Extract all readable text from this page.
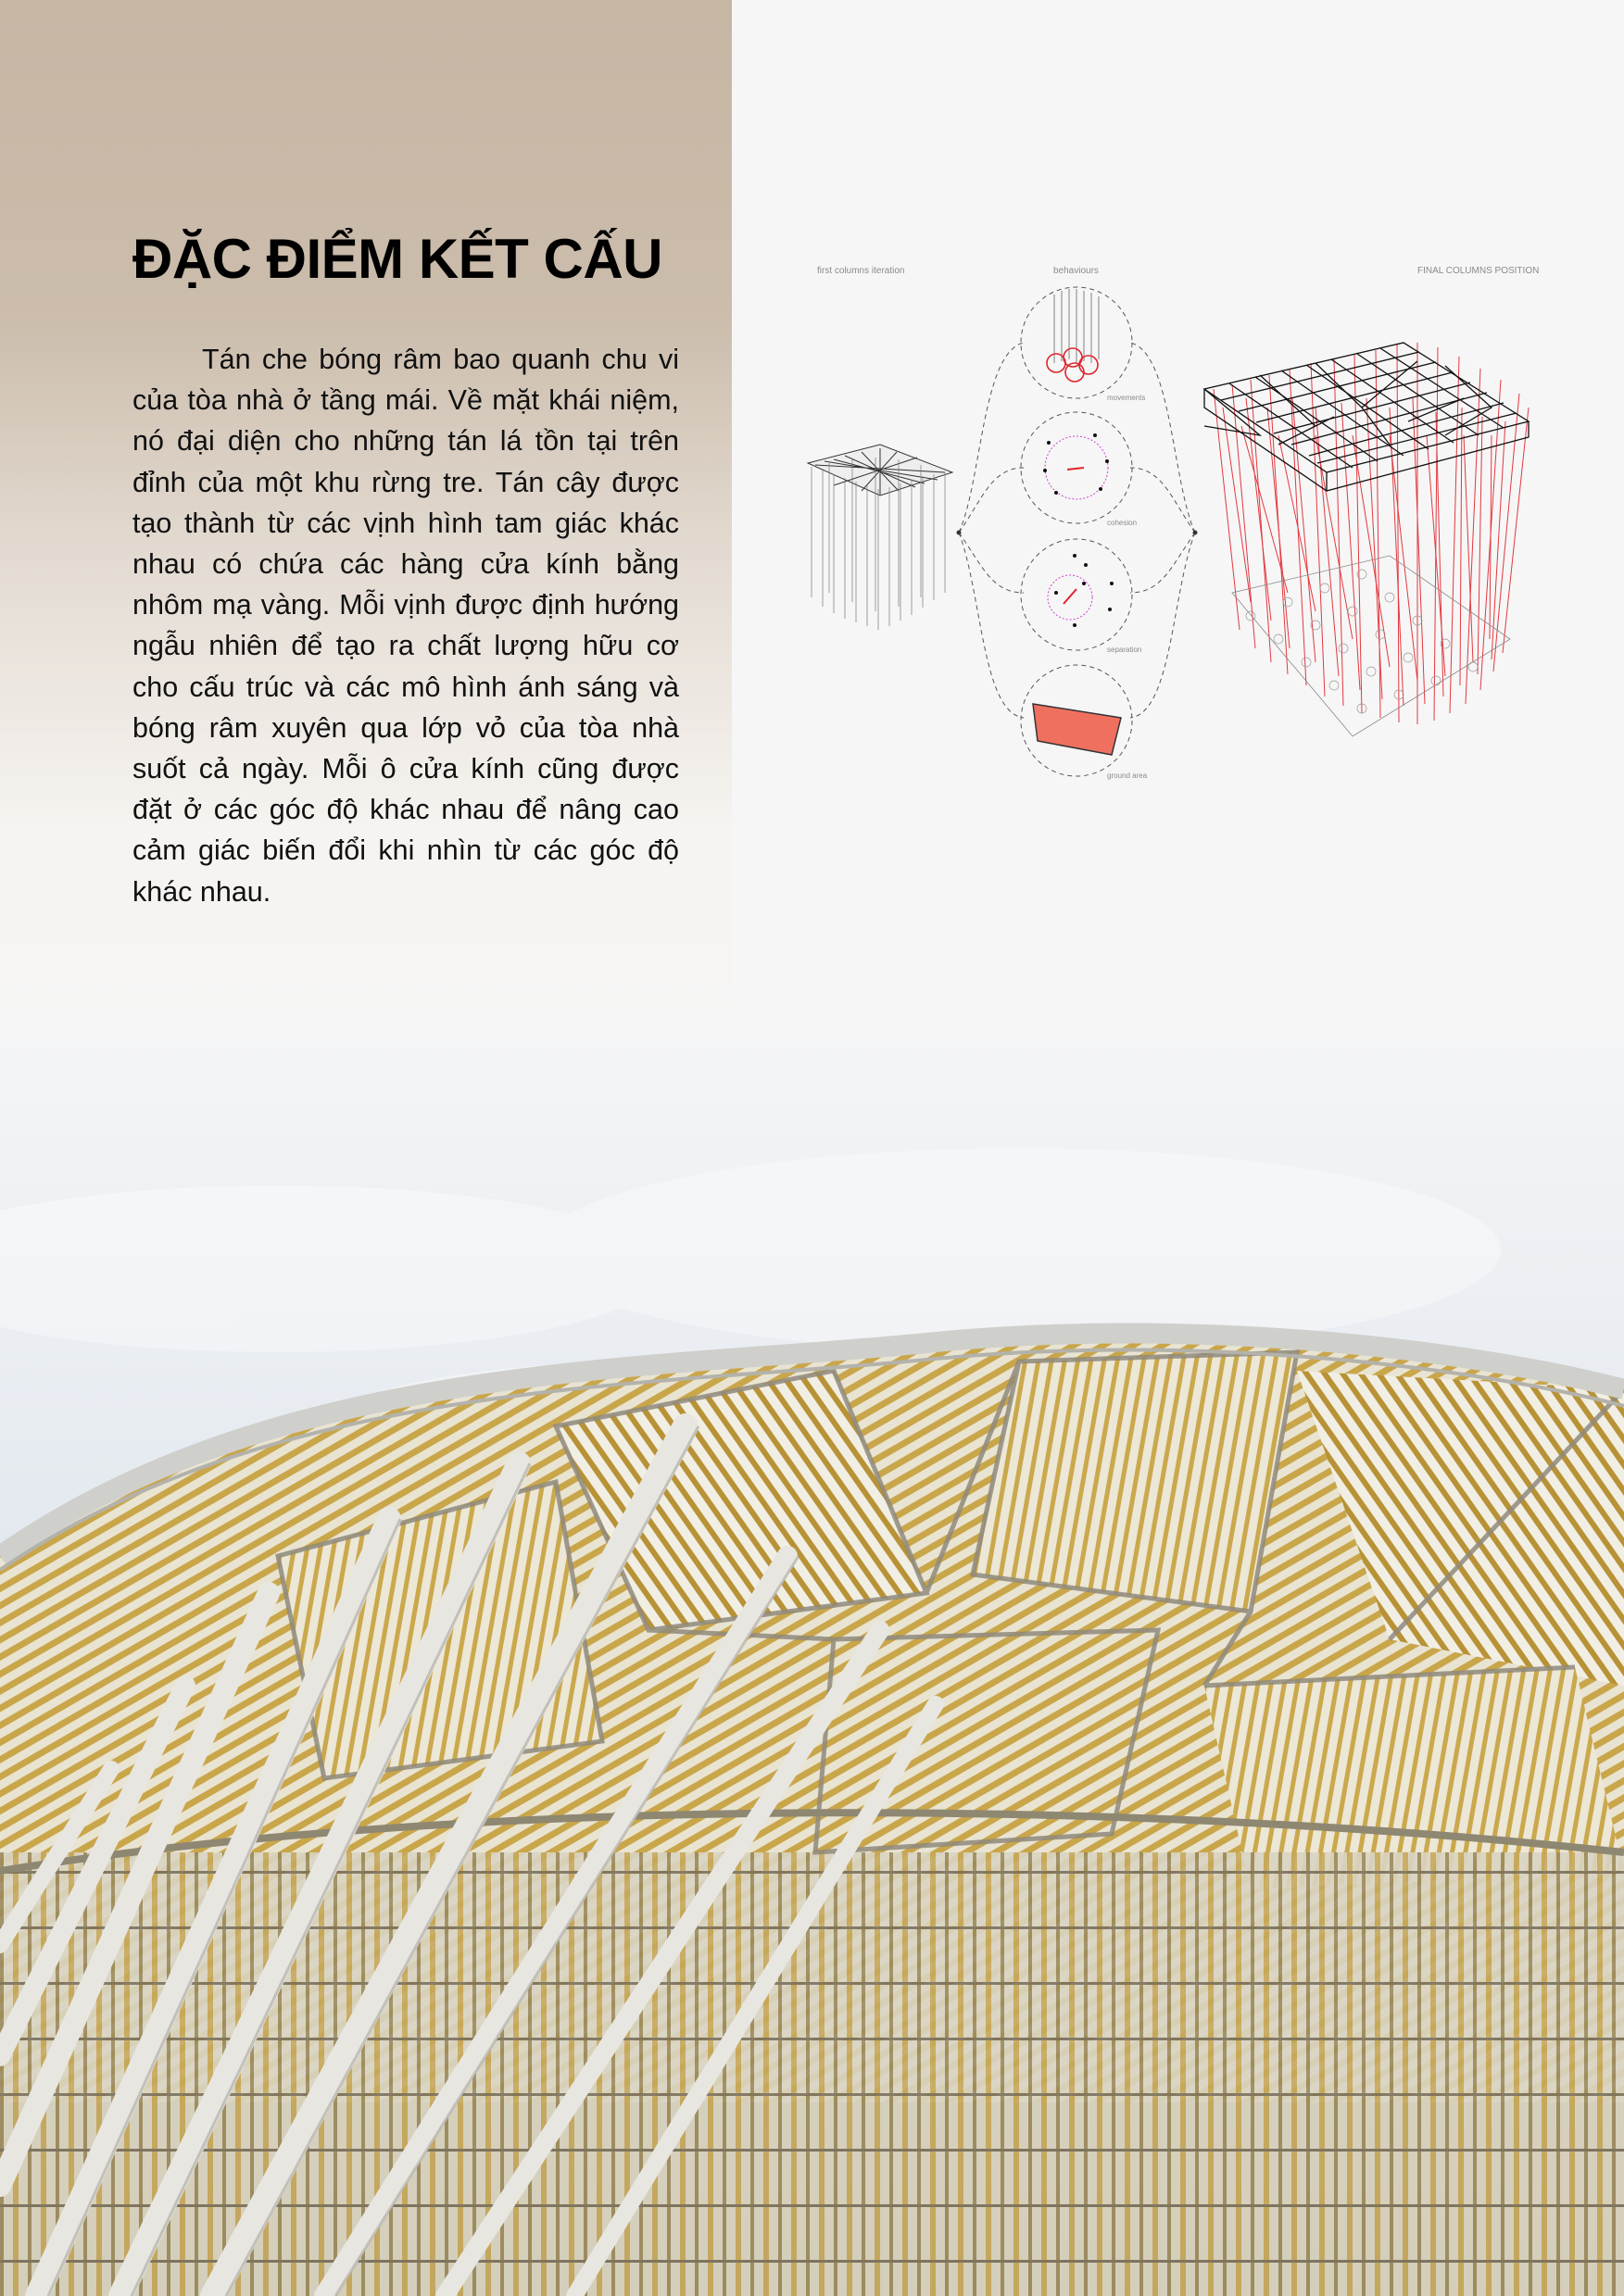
ĐẶC ĐIỂM KẾT CẤU

Tán che bóng râm bao quanh chu vi của tòa nhà ở tầng mái. Về mặt khái niệm, nó đại diện cho những tán lá tồn tại trên đỉnh của một khu rừng tre. Tán cây được tạo thành từ các vịnh hình tam giác khác nhau có chứa các hàng cửa kính bằng nhôm mạ vàng. Mỗi vịnh được định hướng ngẫu nhiên để tạo ra chất lượng hữu cơ cho cấu trúc và các mô hình ánh sáng và bóng râm xuyên qua lớp vỏ của tòa nhà suốt cả ngày. Mỗi ô cửa kính cũng được đặt ở các góc độ khác nhau để nâng cao cảm giác biến đổi khi nhìn từ các góc độ khác nhau.

first columns iteration	behaviours	FINAL COLUMNS POSITION
movements
cohesion
separation
ground area
